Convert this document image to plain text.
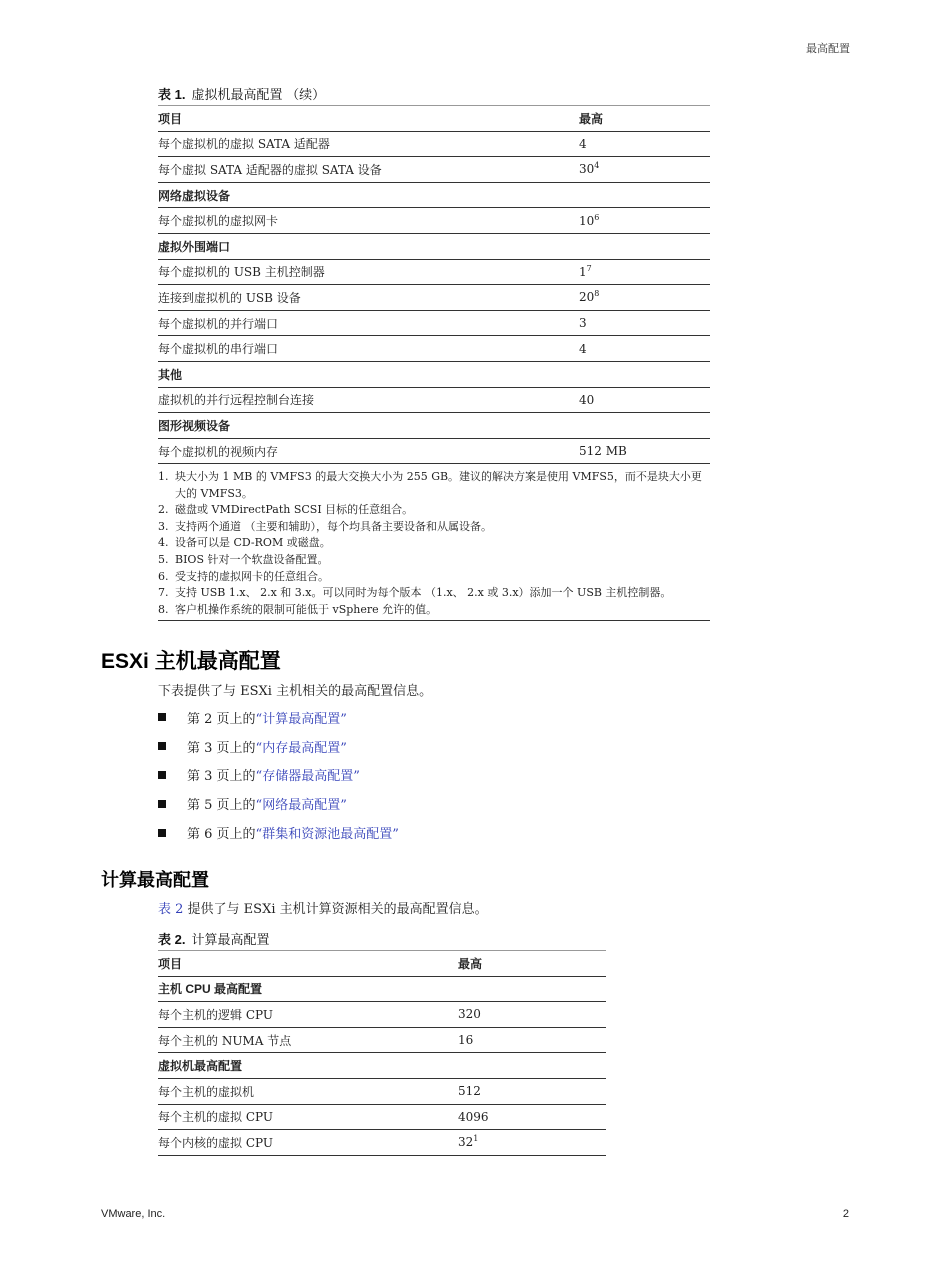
最高配置
表 1. 虚拟机最高配置 （续）
项目	最高
每个虚拟机的虚拟 SATA 适配器	4
每个虚拟 SATA 适配器的虚拟 SATA 设备	$30^4$
网络虚拟设备	
每个虚拟机的虚拟网卡	$10^6$
虚拟外围端口	
每个虚拟机的 USB 主机控制器	$1^7$
连接到虚拟机的 USB 设备	$20^8$
每个虚拟机的并行端口	3
每个虚拟机的串行端口	4
其他	
虚拟机的并行远程控制台连接	40
图形视频设备	
每个虚拟机的视频内存	512 MB
1. 块大小为 1 MB 的 VMFS3 的最大交换大小为 255 GB。建议的解决方案是使用 VMFS5，而不是块大小更大的 VMFS3。
2. 磁盘或 VMDirectPath SCSI 目标的任意组合。
3. 支持两个通道 （主要和辅助），每个均具备主要设备和从属设备。
4. 设备可以是 CD-ROM 或磁盘。
5. BIOS 针对一个软盘设备配置。
6. 受支持的虚拟网卡的任意组合。
7. 支持 USB 1.x、 2.x 和 3.x。可以同时为每个版本 （1.x、 2.x 或 3.x）添加一个 USB 主机控制器。
8. 客户机操作系统的限制可能低于 vSphere 允许的值。
ESXi 主机最高配置
下表提供了与 ESXi 主机相关的最高配置信息。
第 2 页上的 “计算最高配置”
第 3 页上的 “内存最高配置”
第 3 页上的 “存储器最高配置”
第 5 页上的 “网络最高配置”
第 6 页上的 “群集和资源池最高配置”
计算最高配置
表 2 提供了与 ESXi 主机计算资源相关的最高配置信息。
表 2. 计算最高配置
项目	最高
主机 CPU 最高配置	
每个主机的逻辑 CPU	320
每个主机的 NUMA 节点	16
虚拟机最高配置	
每个主机的虚拟机	512
每个主机的虚拟 CPU	4096
每个内核的虚拟 CPU	$32^1$
VMware, Inc.	2
